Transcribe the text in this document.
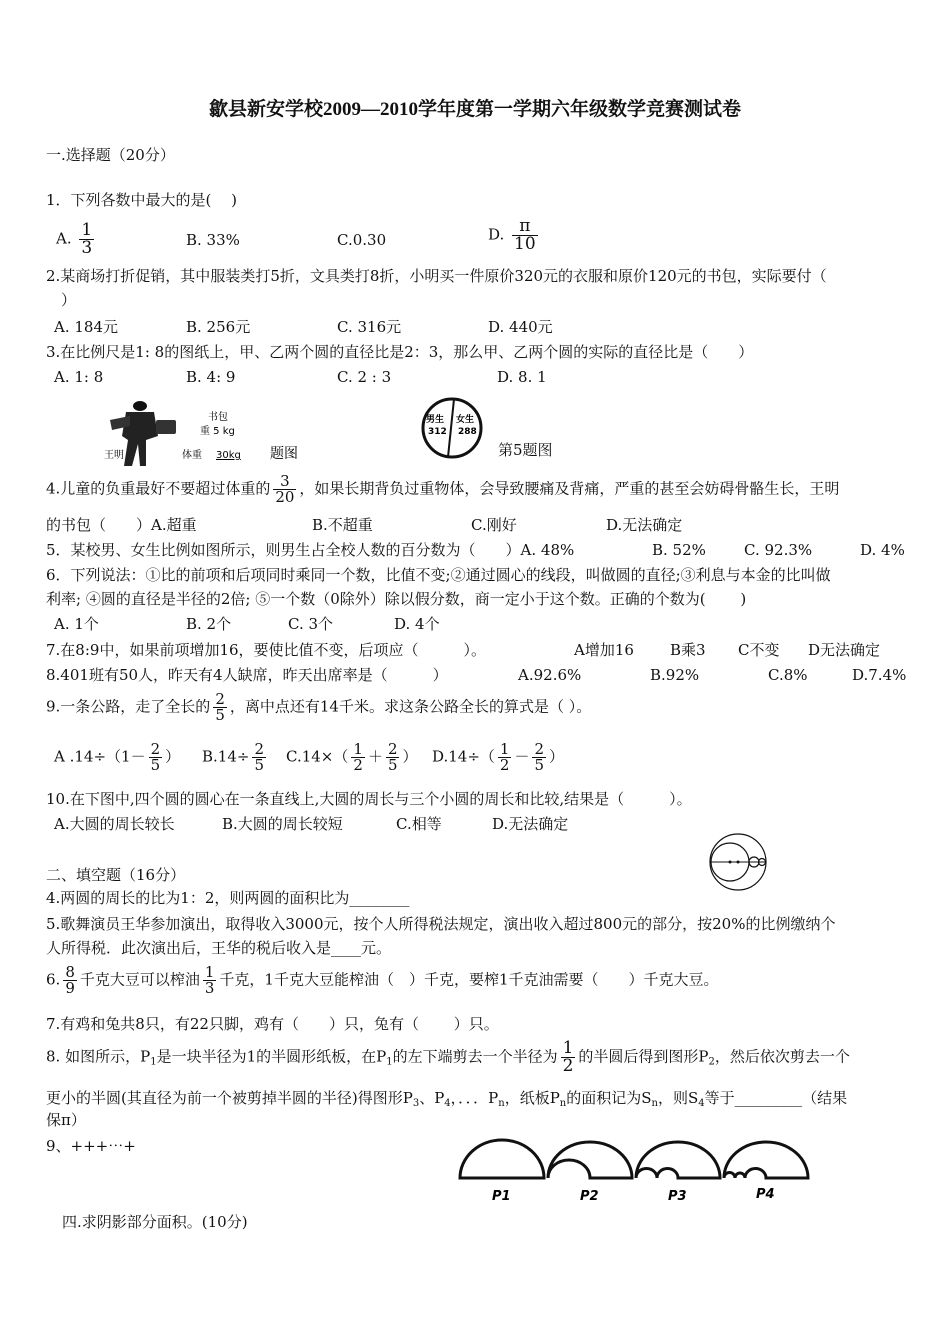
歙县新安学校2009—2010学年度第一学期六年级数学竞赛测试卷
一.选择题（20分）
1．下列各数中最大的是(　 )
A. $\frac{1}{3}$	B. 33%	C.0.30	D. $\frac{\pi}{10}$
2.某商场打折促销，其中服装类打5折，文具类打8折，小明买一件原价320元的衣服和原价120元的书包，实际要付（
　）
A. 184元	B. 256元	C. 316元	D. 440元
3.在比例尺是1: 8的图纸上，甲、乙两个圆的直径比是2：3，那么甲、乙两个圆的实际的直径比是（　　）
A. 1: 8	B. 4: 9	C. 2 : 3	D. 8. 1
书包
重 5 kg
王明	体重 30kg 题图
男生
312
女生
288
第5题图
4.儿童的负重最好不要超过体重的 $\frac{3}{20}$ ，如果长期背负过重物体，会导致腰痛及背痛，严重的甚至会妨碍骨骼生长，王明
的书包（　　）A.超重	B.不超重	C.刚好	D.无法确定
5．某校男、女生比例如图所示，则男生占全校人数的百分数为（　　）A. 48%	B. 52%	C. 92.3%	D. 4%
6．下列说法：①比的前项和后项同时乘同一个数，比值不变;②通过圆心的线段，叫做圆的直径;③利息与本金的比叫做
利率; ④圆的直径是半径的2倍; ⑤一个数（0除外）除以假分数，商一定小于这个数。正确的个数为(　　 )
A. 1个	B. 2个	C. 3个	D. 4个
7.在8:9中，如果前项增加16，要使比值不变，后项应（　　　）。	A增加16 B乘3 C不变 D无法确定
8.401班有50人，昨天有4人缺席，昨天出席率是（　　　）	A.92.6%	B.92%	C.8%	D.7.4%
9.一条公路，走了全长的 $\frac{2}{5}$ ，离中点还有14千米。求这条公路全长的算式是（ ）。
A $.14\div(1- \frac{2}{5}$ ） $B.14\div \frac{2}{5} C.14\times( \frac{1}{2} + \frac{2}{5}$ ） $D.14\div( \frac{1}{2} - \frac{2}{5}$ ）
10.在下图中,四个圆的圆心在一条直线上,大圆的周长与三个小圆的周长和比较,结果是（　　　）。
A.大圆的周长较长	B.大圆的周长较短	C.相等	D.无法确定
二、填空题（16分）
4.两圆的周长的比为1：2，则两圆的面积比为________
5.歌舞演员王华参加演出，取得收入3000元，按个人所得税法规定，演出收入超过800元的部分，按20%的比例缴纳个
人所得税．此次演出后，王华的税后收入是____元。
6. $\frac{8}{9}$ 千克大豆可以榨油 $\frac{1}{3}$ 千克，1千克大豆能榨油（　）千克，要榨1千克油需要（　　）千克大豆。
7.有鸡和兔共8只，有22只脚，鸡有（　　）只，兔有（　　 ）只。
8. 如图所示，$P_1$是一块半径为1的半圆形纸板，在$P_1$的左下端剪去一个半径为 $\frac{1}{2}$ 的半圆后得到图形$P_2$，然后依次剪去一个
更小的半圆(其直径为前一个被剪掉半圆的半径)得图形$P_3$、$P_4$，．．．$P_n$，纸板$P_n$的面积记为$S_n$，则$S_4$等于_________（结果
保π）
9、+++⋯+
P1	P2	P3	P4
四.求阴影部分面积。(10分)
